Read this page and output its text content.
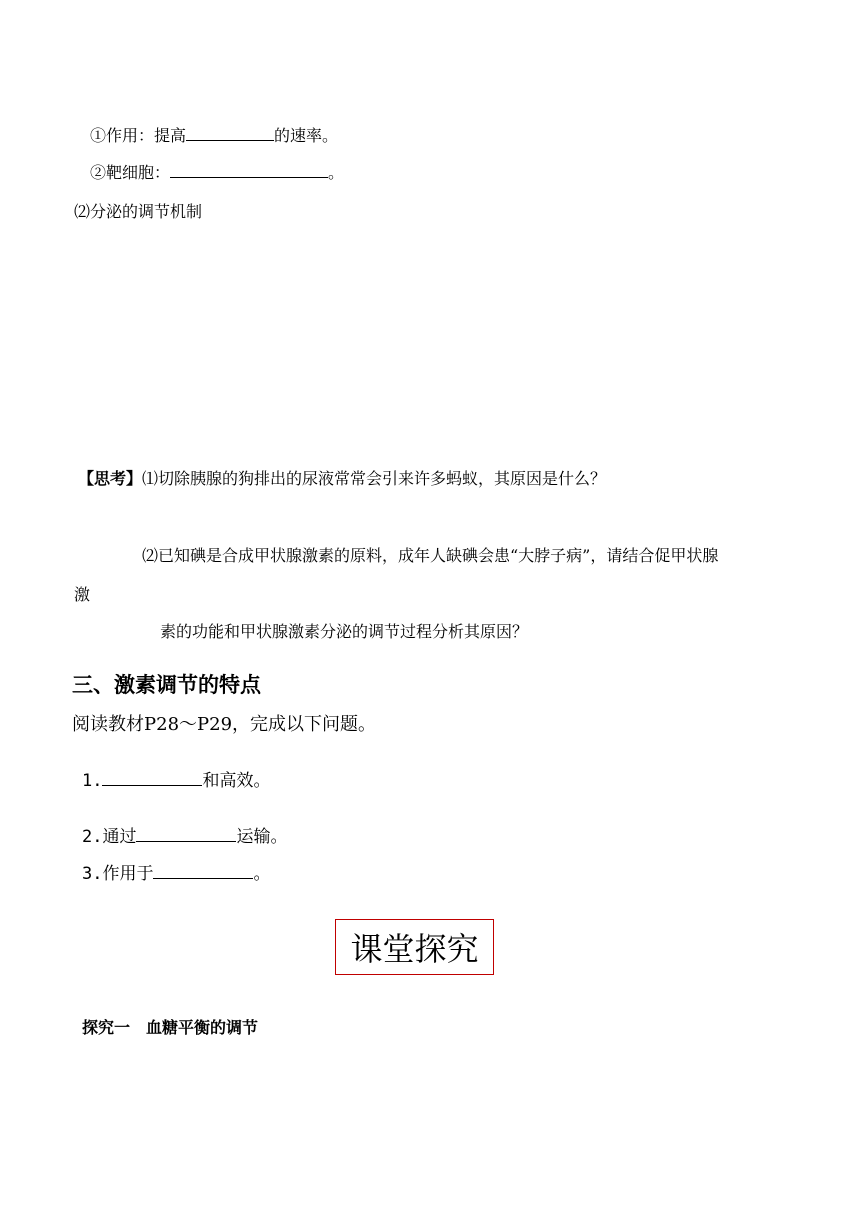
①作用：提高	的速率。
②靶细胞：	。
⑵分泌的调节机制
【思考】⑴切除胰腺的狗排出的尿液常常会引来许多蚂蚁，其原因是什么？
⑵已知碘是合成甲状腺激素的原料，成年人缺碘会患“大脖子病”，请结合促甲状腺
激
素的功能和甲状腺激素分泌的调节过程分析其原因？
三、激素调节的特点
阅读教材P28～P29，完成以下问题。
1.	和高效。
2.通过	运输。
3.作用于	。
课堂探究
探究一　血糖平衡的调节
